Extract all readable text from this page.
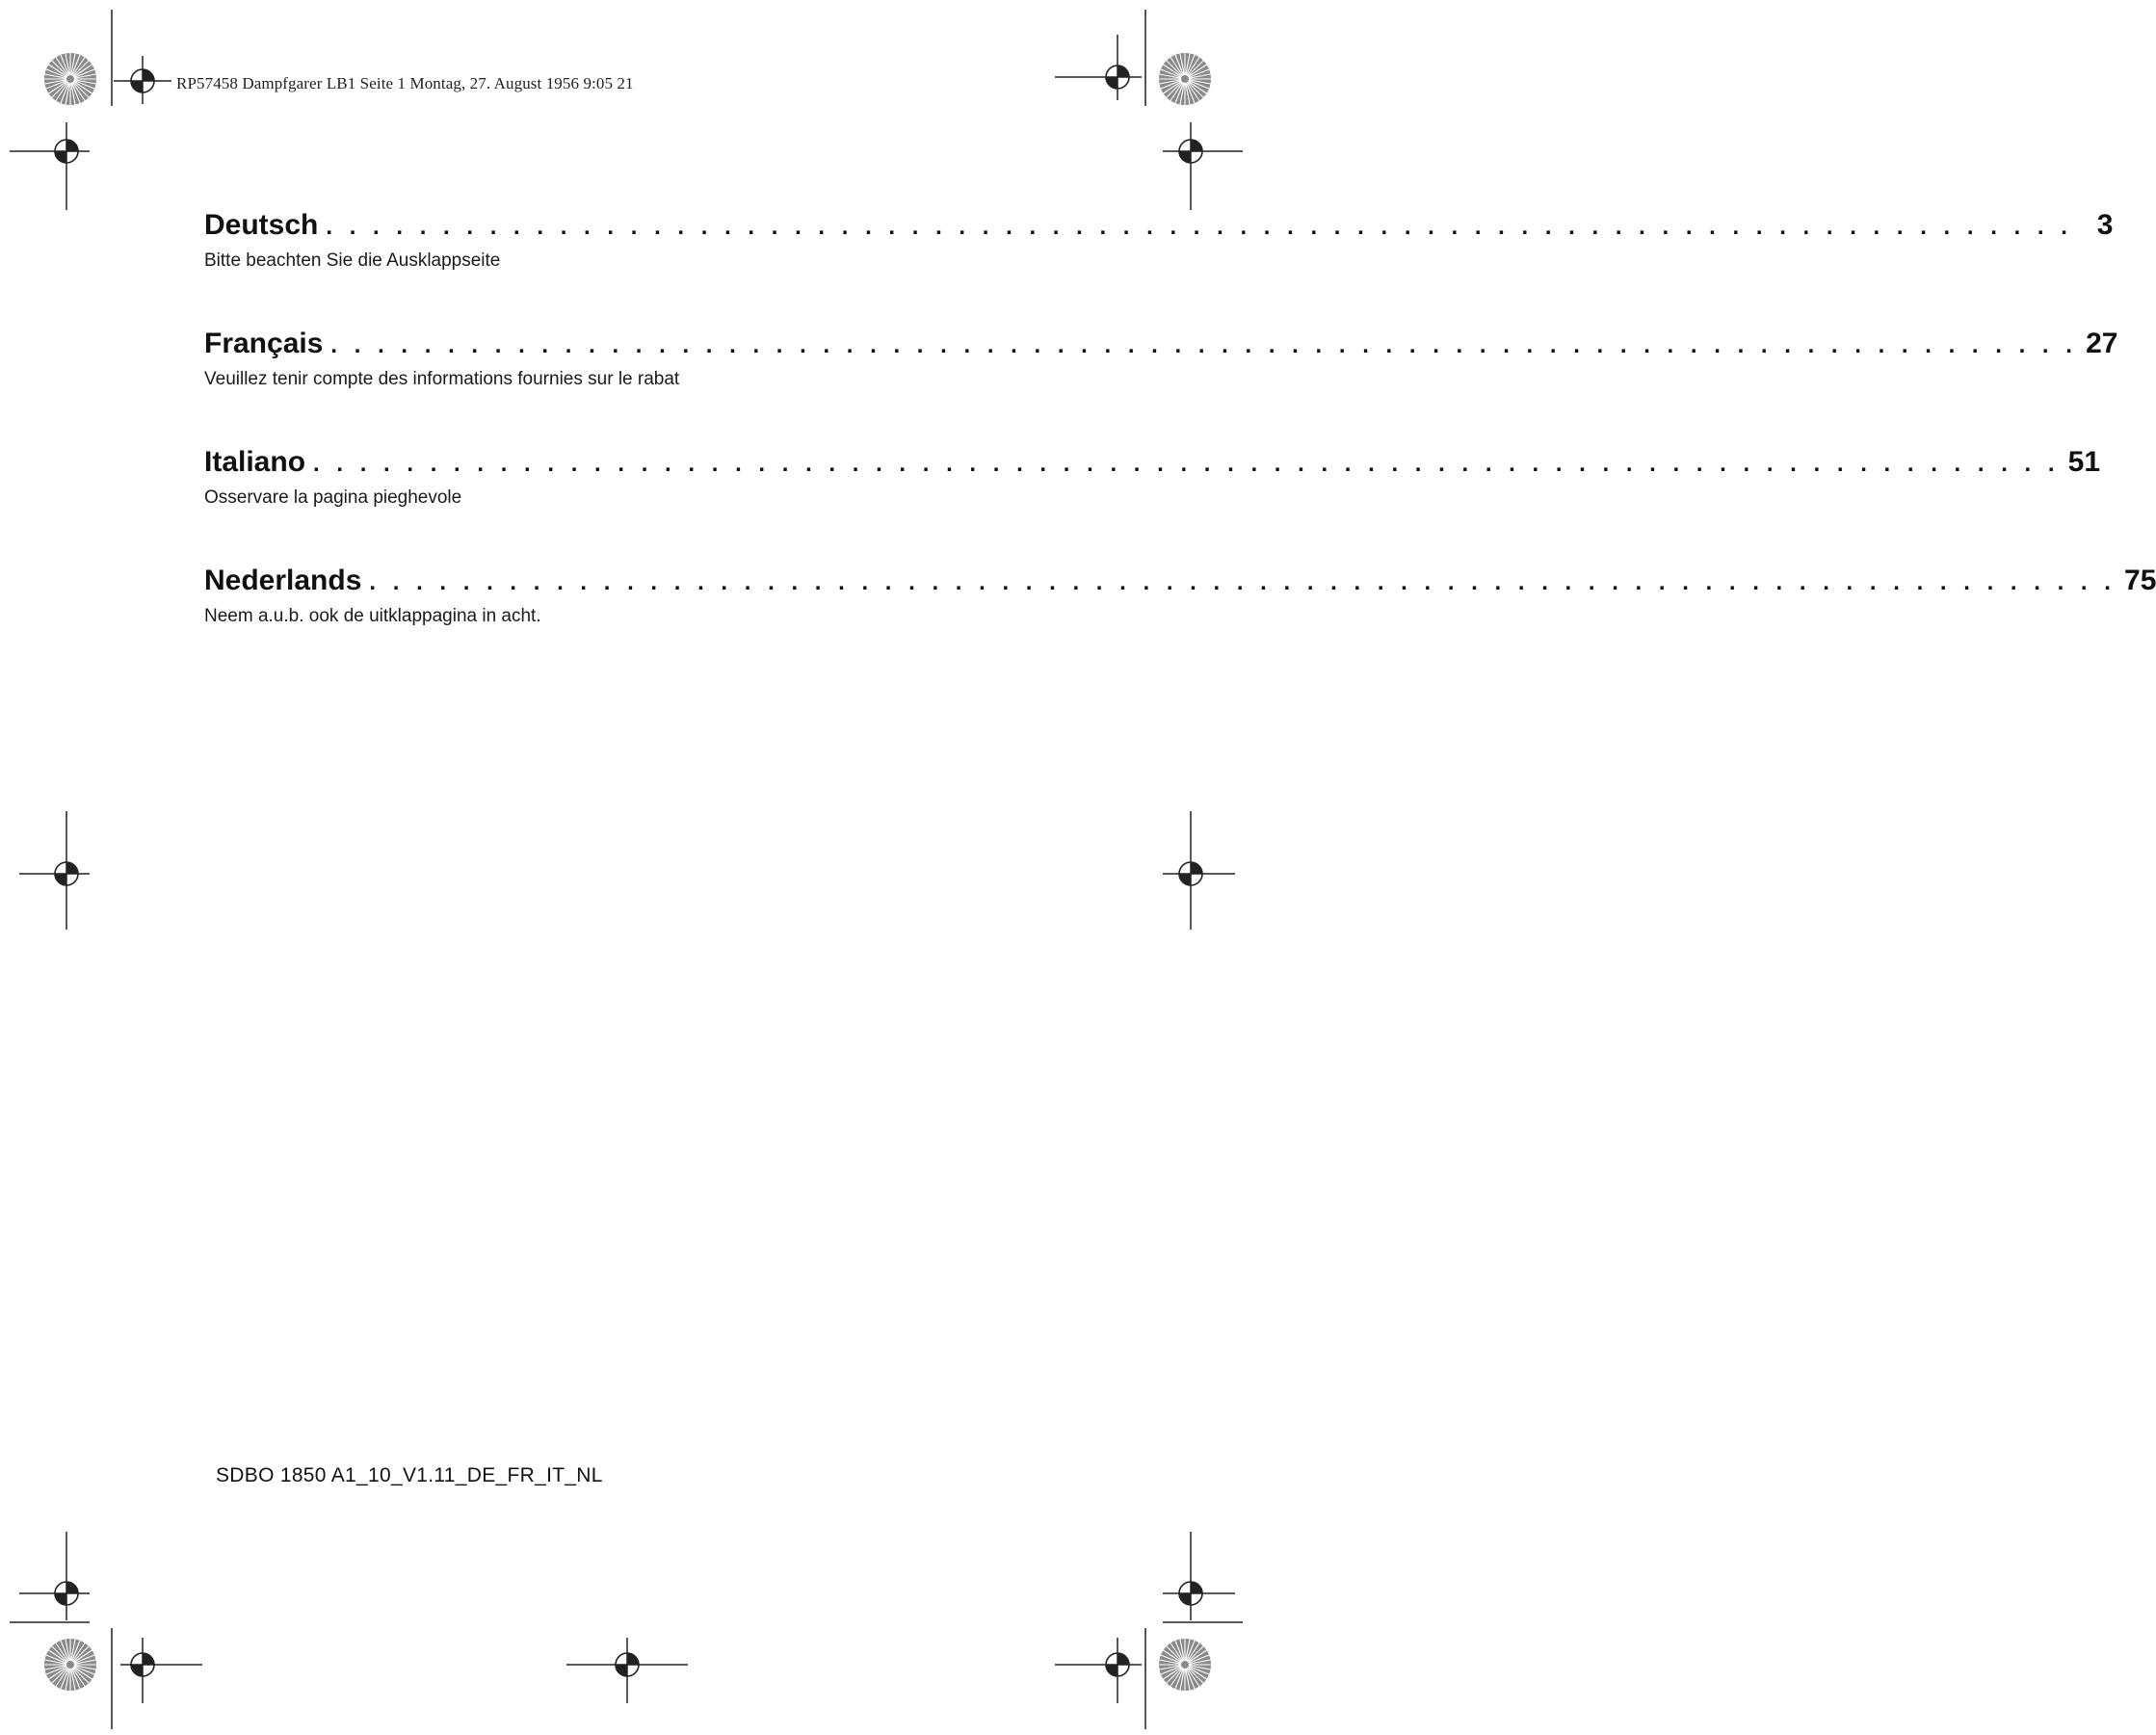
RP57458 Dampfgarer LB1 Seite 1 Montag, 27. August 1956 9:05 21
Deutsch . . . . . . . . . . . . . . . . . . . . . . . . . . . . . . . . . . . . . . . . . . . . . . . . . . . . . . . . . . . . . . . . . . . . . . . . . . . 3
Bitte beachten Sie die Ausklappseite
Français . . . . . . . . . . . . . . . . . . . . . . . . . . . . . . . . . . . . . . . . . . . . . . . . . . . . . . . . . . . . . . . . . . . . . . . . . . . 27
Veuillez tenir compte des informations fournies sur le rabat
Italiano . . . . . . . . . . . . . . . . . . . . . . . . . . . . . . . . . . . . . . . . . . . . . . . . . . . . . . . . . . . . . . . . . . . . . . . . . . . 51
Osservare la pagina pieghevole
Nederlands . . . . . . . . . . . . . . . . . . . . . . . . . . . . . . . . . . . . . . . . . . . . . . . . . . . . . . . . . . . . . . . . . . . . . . . . . . . 75
Neem a.u.b. ook de uitklappagina in acht.
SDBO 1850 A1_10_V1.11_DE_FR_IT_NL
